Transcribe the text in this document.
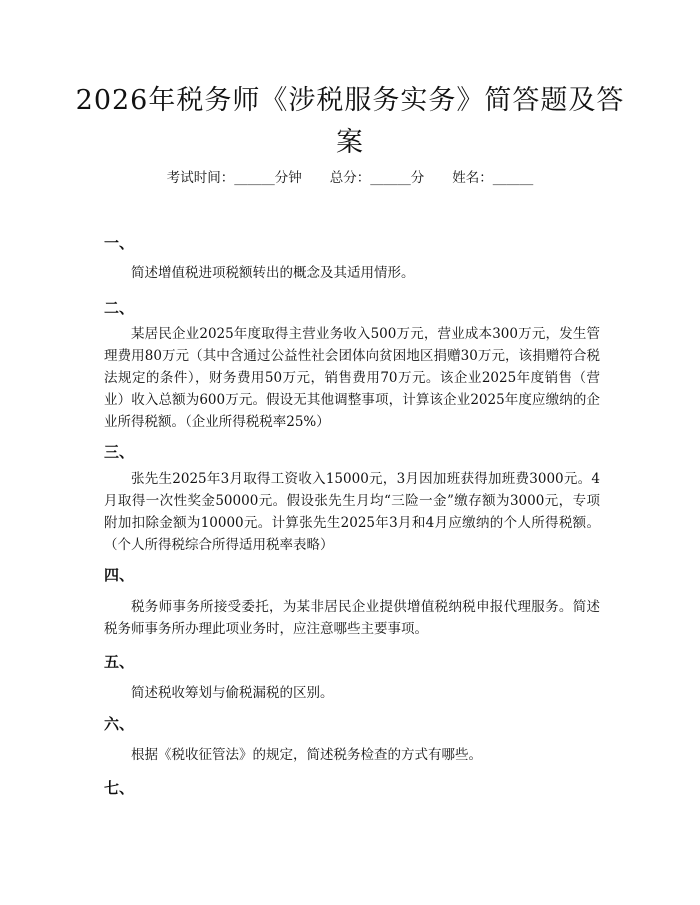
2026年税务师《涉税服务实务》简答题及答案
考试时间：______分钟 总分：______分 姓名：______
一、
简述增值税进项税额转出的概念及其适用情形。
二、
某居民企业2025年度取得主营业务收入500万元，营业成本300万元，发生管理费用80万元（其中含通过公益性社会团体向贫困地区捐赠30万元，该捐赠符合税法规定的条件），财务费用50万元，销售费用70万元。该企业2025年度销售（营业）收入总额为600万元。假设无其他调整事项，计算该企业2025年度应缴纳的企业所得税额。（企业所得税税率25%）
三、
张先生2025年3月取得工资收入15000元，3月因加班获得加班费3000元。4月取得一次性奖金50000元。假设张先生月均“三险一金”缴存额为3000元，专项附加扣除金额为10000元。计算张先生2025年3月和4月应缴纳的个人所得税额。（个人所得税综合所得适用税率表略）
四、
税务师事务所接受委托，为某非居民企业提供增值税纳税申报代理服务。简述税务师事务所办理此项业务时，应注意哪些主要事项。
五、
简述税收筹划与偷税漏税的区别。
六、
根据《税收征管法》的规定，简述税务检查的方式有哪些。
七、
